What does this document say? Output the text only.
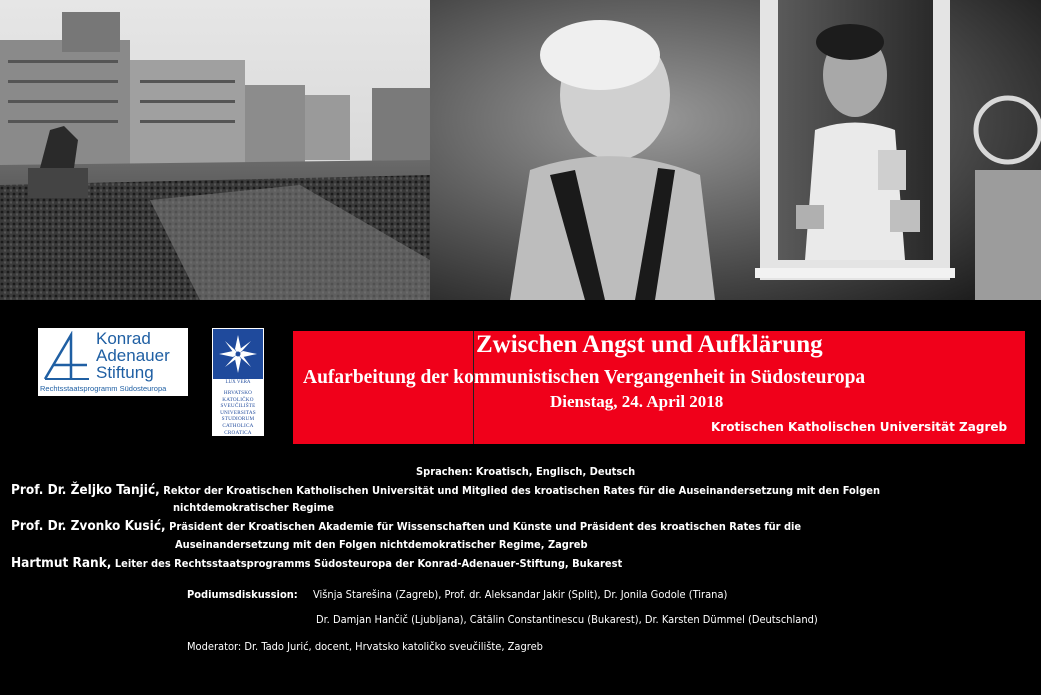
Konrad
Adenauer
Stiftung
Rechtsstaatsprogramm Südosteuropa
LUX VERA
HRVATSKO
KATOLIČKO
SVEUČILIŠTE
UNIVERSITAS
STUDIORUM
CATHOLICA
CROATICA
Zwischen Angst und Aufklärung
Aufarbeitung der kommunistischen Vergangenheit in Südosteuropa
Dienstag, 24. April 2018
Krotischen Katholischen Universität Zagreb
Sprachen: Kroatisch, Englisch, Deutsch
Prof. Dr. Željko Tanjić, Rektor der Kroatischen Katholischen Universität und Mitglied des kroatischen Rates für die Auseinandersetzung mit den Folgen
nichtdemokratischer Regime
Prof. Dr. Zvonko Kusić, Präsident der Kroatischen Akademie für Wissenschaften und Künste und Präsident des kroatischen Rates für die
Auseinandersetzung mit den Folgen nichtdemokratischer Regime, Zagreb
Hartmut Rank, Leiter des Rechtsstaatsprogramms Südosteuropa der Konrad-Adenauer-Stiftung, Bukarest
Podiumsdiskussion: Višnja Starešina (Zagreb), Prof. dr. Aleksandar Jakir (Split), Dr. Jonila Godole (Tirana)
Dr. Damjan Hančič (Ljubljana), Cătălin Constantinescu (Bukarest), Dr. Karsten Dümmel (Deutschland)
Moderator: Dr. Tado Jurić, docent, Hrvatsko katoličko sveučilište, Zagreb
